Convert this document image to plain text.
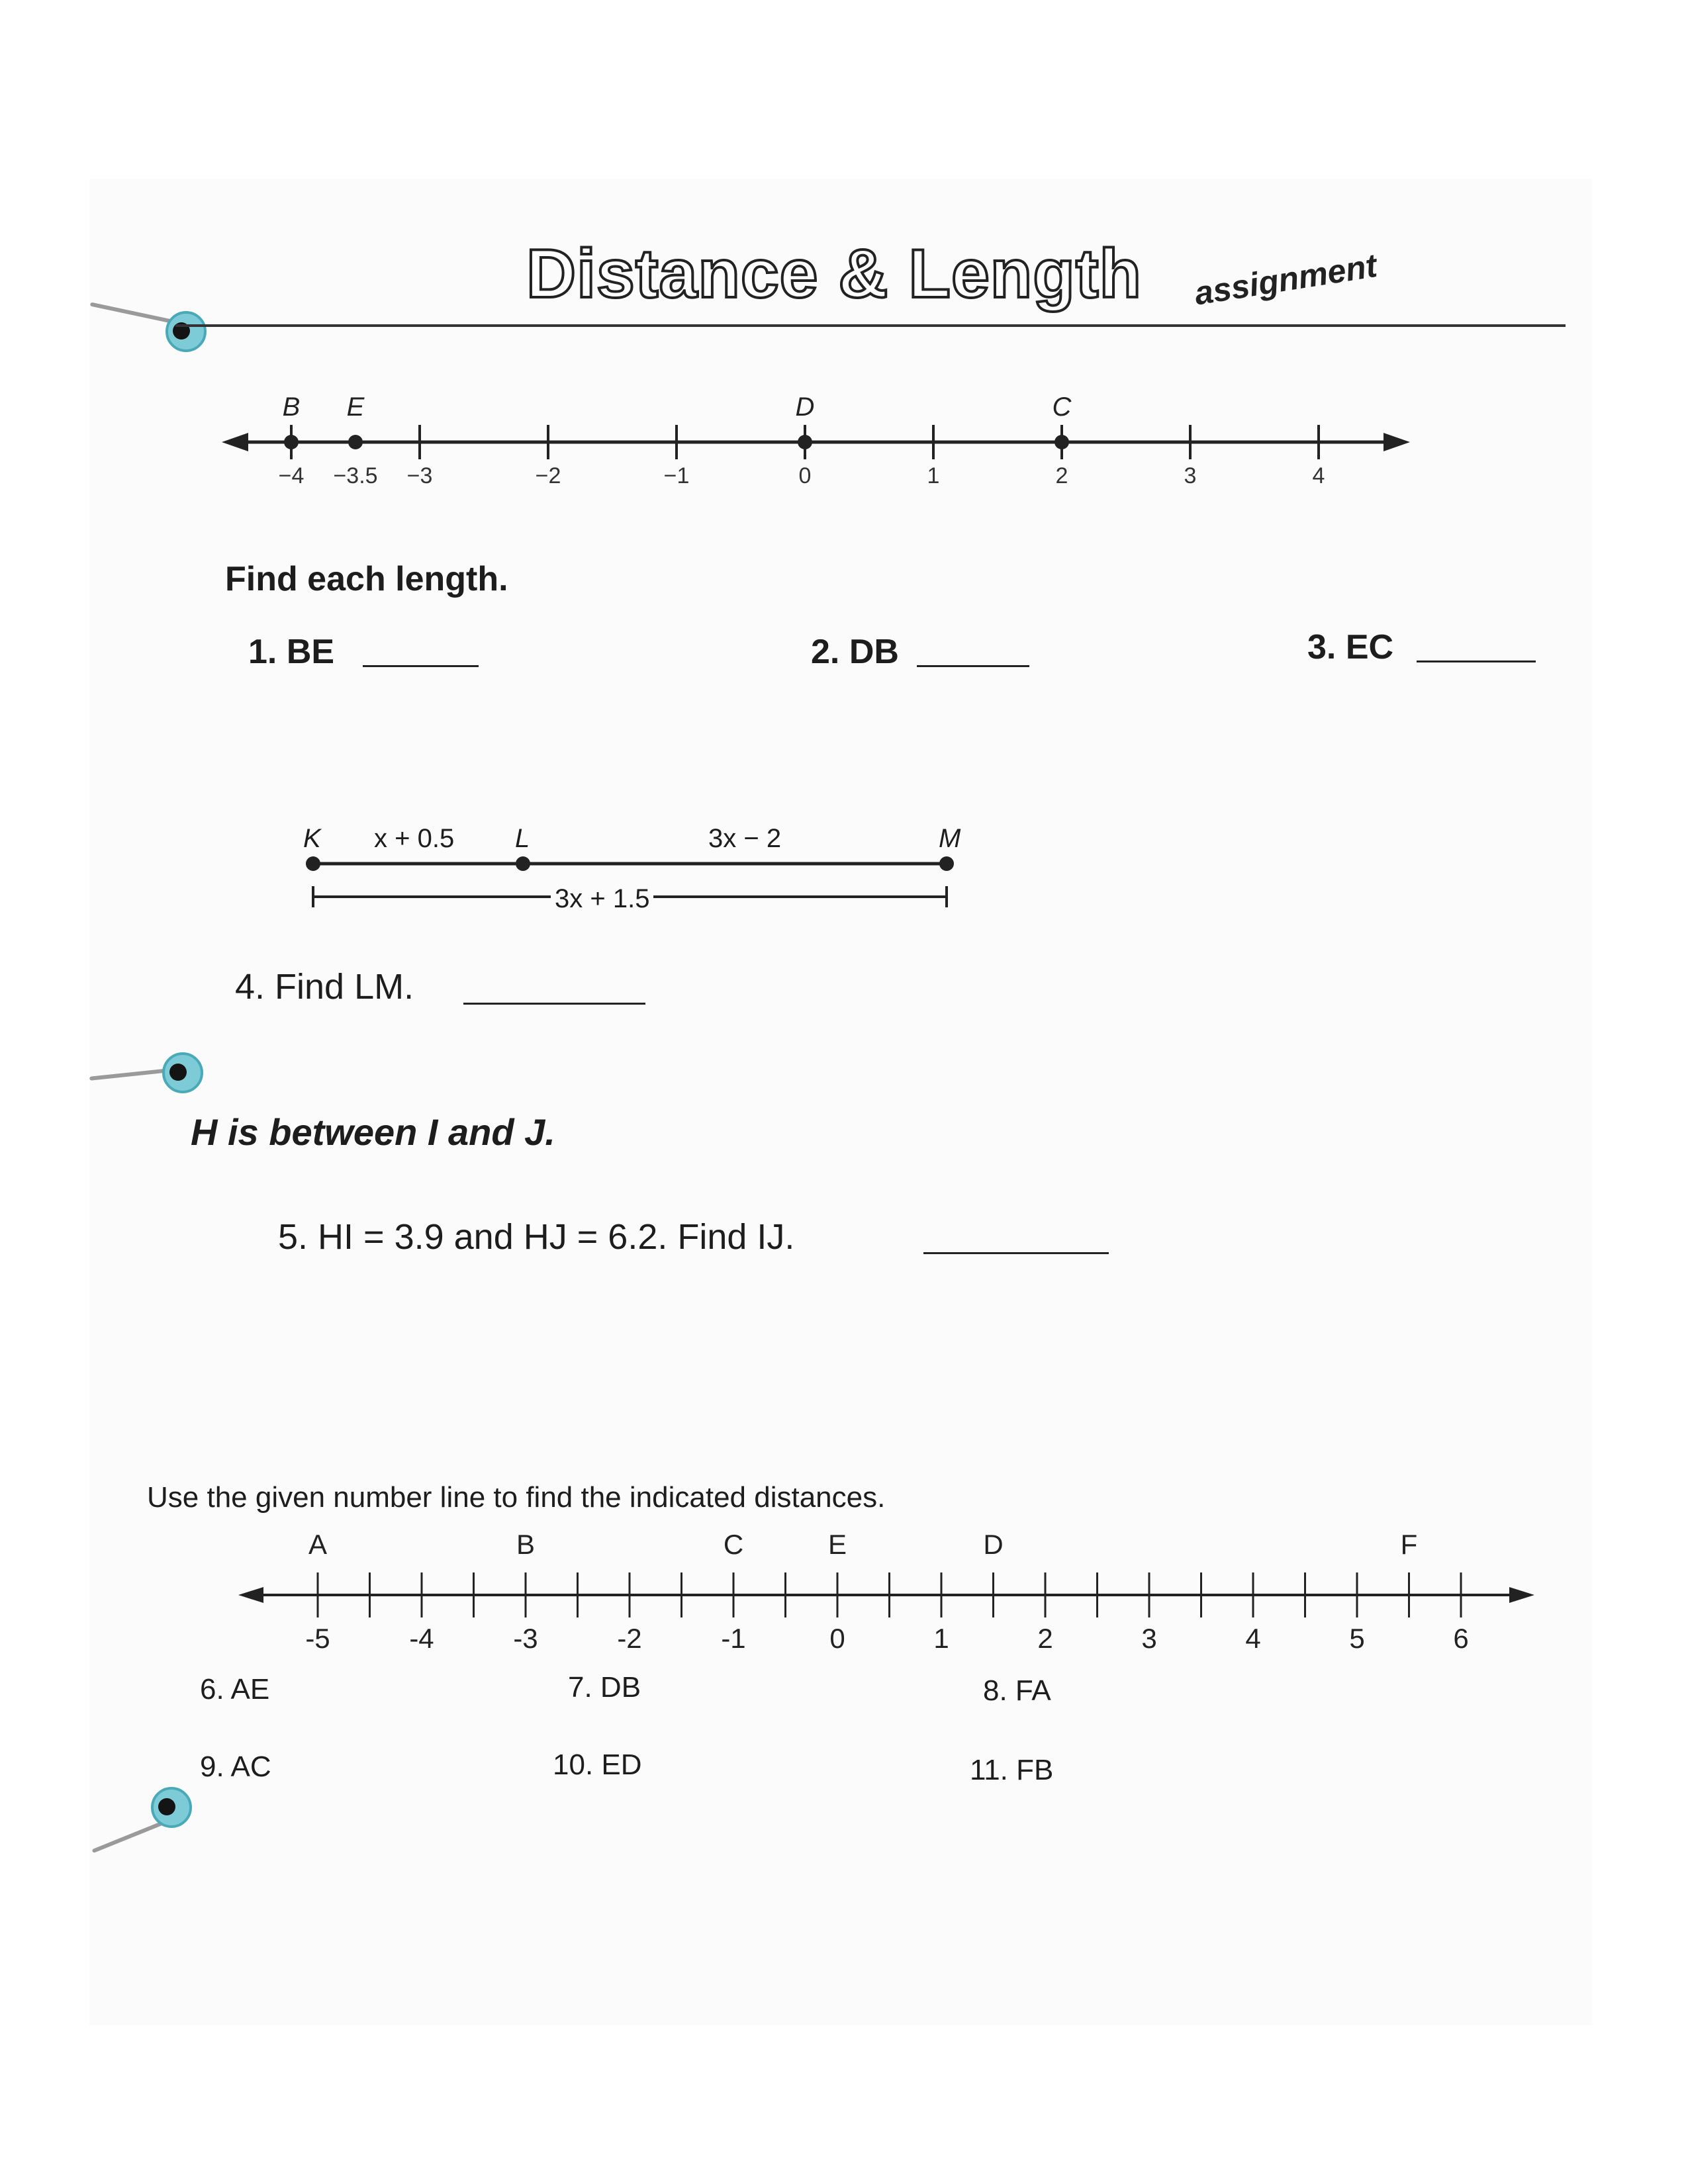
Distance & Length assignment
−4 −3.5 −3	−2	−1	0	1	2	3	4
B E	D	C
-5	-4	-3	-2	-1	0	1	2	3	4	5	6
A	B	C	E	D	F
Find each length.
1. BE	2. DB	3. EC
K x + 0.5 L	3x − 2	M
3x + 1.5
4. Find LM.
H is between I and J.
5. HI = 3.9 and HJ = 6.2. Find IJ.
Use the given number line to find the indicated distances.
6. AE	7. DB	8. FA
9. AC	10. ED	11. FB
